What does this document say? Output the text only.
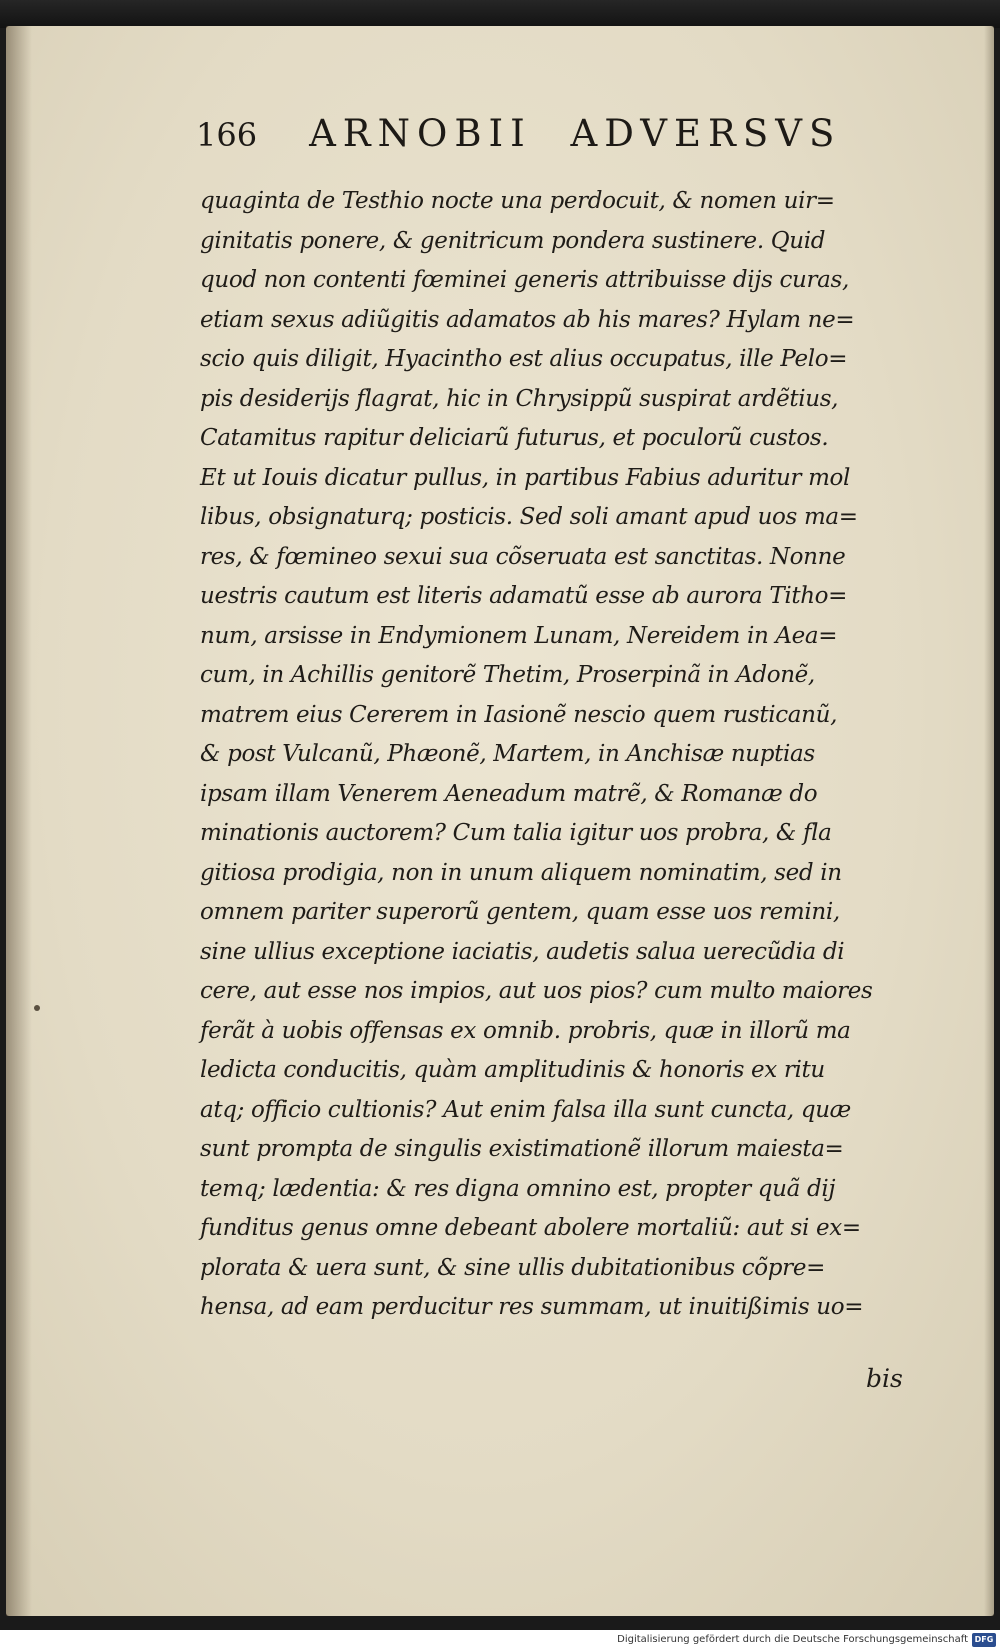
166 ARNOBII ADVERSVS
quaginta de Testhio nocte una perdocuit, & nomen uir=
ginitatis ponere, & genitricum pondera sustinere. Quid
quod non contenti fœminei generis attribuisse dijs curas,
etiam sexus adiũgitis adamatos ab his mares? Hylam ne=
scio quis diligit, Hyacintho est alius occupatus, ille Pelo=
pis desiderijs flagrat, hic in Chrysippũ suspirat ardẽtius,
Catamitus rapitur deliciarũ futurus, et poculorũ custos.
Et ut Iouis dicatur pullus, in partibus Fabius aduritur mol
libus, obsignaturq; posticis. Sed soli amant apud uos ma=
res, & fœmineo sexui sua cõseruata est sanctitas. Nonne
uestris cautum est literis adamatũ esse ab aurora Titho=
num, arsisse in Endymionem Lunam, Nereidem in Aea=
cum, in Achillis genitorẽ Thetim, Proserpinã in Adonẽ,
matrem eius Cererem in Iasionẽ nescio quem rusticanũ,
& post Vulcanũ, Phæonẽ, Martem, in Anchisæ nuptias
ipsam illam Venerem Aeneadum matrẽ, & Romanæ do
minationis auctorem? Cum talia igitur uos probra, & fla
gitiosa prodigia, non in unum aliquem nominatim, sed in
omnem pariter superorũ gentem, quam esse uos remini,
sine ullius exceptione iaciatis, audetis salua uerecũdia di
cere, aut esse nos impios, aut uos pios? cum multo maiores
ferãt à uobis offensas ex omnib. probris, quæ in illorũ ma
ledicta conducitis, quàm amplitudinis & honoris ex ritu
atq; officio cultionis? Aut enim falsa illa sunt cuncta, quæ
sunt prompta de singulis existimationẽ illorum maiesta=
temq; lædentia: & res digna omnino est, propter quã dij
funditus genus omne debeant abolere mortaliũ: aut si ex=
plorata & uera sunt, & sine ullis dubitationibus cõpre=
hensa, ad eam perducitur res summam, ut inuitißimis uo=
bis
Digitalisierung gefördert durch die Deutsche Forschungsgemeinschaft DFG
